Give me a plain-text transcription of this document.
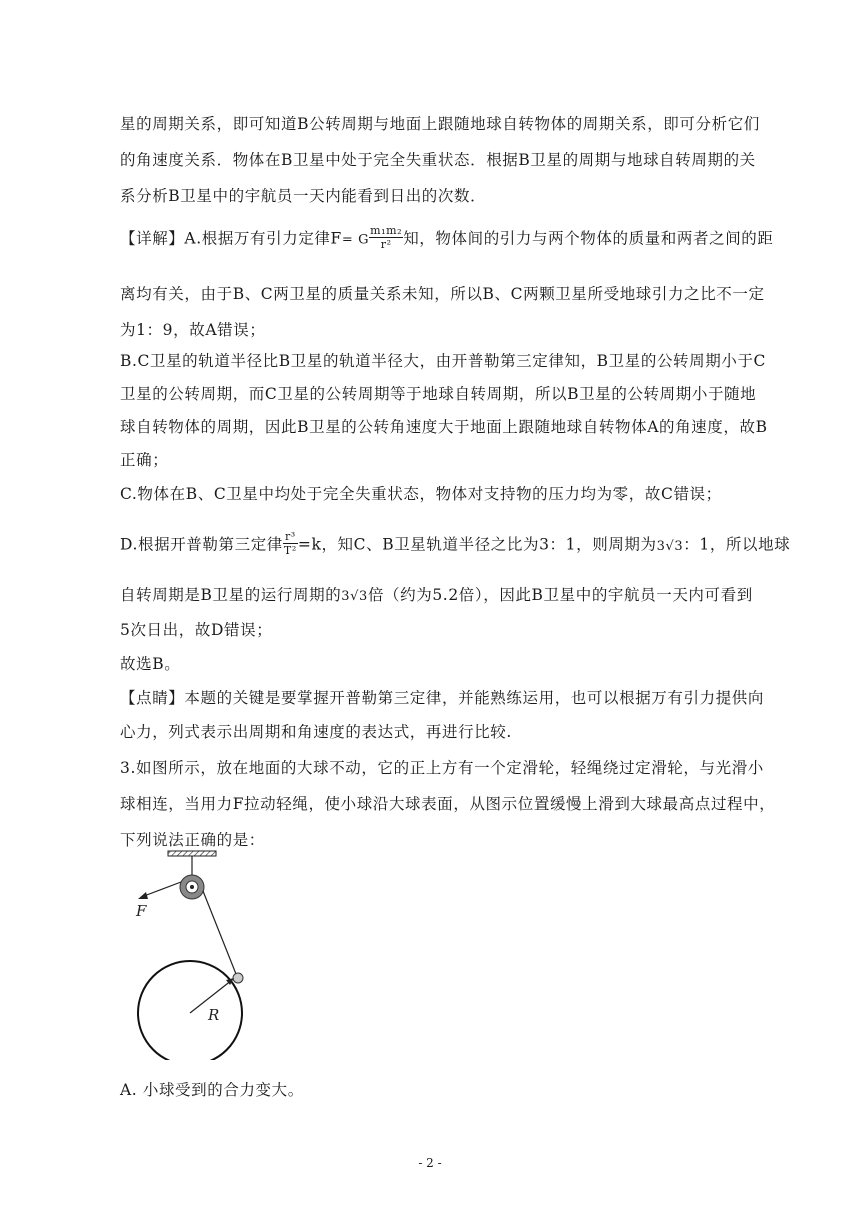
星的周期关系，即可知道B公转周期与地面上跟随地球自转物体的周期关系，即可分析它们
的角速度关系．物体在B卫星中处于完全失重状态．根据B卫星的周期与地球自转周期的关
系分析B卫星中的宇航员一天内能看到日出的次数．
【详解】A.根据万有引力定律F= G $\frac{\text{m₁m₂}}{\text{r²}}$ 知，物体间的引力与两个物体的质量和两者之间的距
离均有关，由于B、C两卫星的质量关系未知，所以B、C两颗卫星所受地球引力之比不一定
为1：9，故A错误；
B.C卫星的轨道半径比B卫星的轨道半径大，由开普勒第三定律知，B卫星的公转周期小于C
卫星的公转周期，而C卫星的公转周期等于地球自转周期，所以B卫星的公转周期小于随地
球自转物体的周期，因此B卫星的公转角速度大于地面上跟随地球自转物体A的角速度，故B
正确；
C.物体在B、C卫星中均处于完全失重状态，物体对支持物的压力均为零，故C错误；
D.根据开普勒第三定律 $\frac{\text{r³}}{\text{T²}} =k$，知C、B卫星轨道半径之比为3：1，则周期为3√3：1，所以地球
自转周期是B卫星的运行周期的3√3倍（约为5.2倍），因此B卫星中的宇航员一天内可看到
5次日出，故D错误；
故选B。
【点睛】本题的关键是要掌握开普勒第三定律，并能熟练运用，也可以根据万有引力提供向
心力，列式表示出周期和角速度的表达式，再进行比较.
3.如图所示，放在地面的大球不动，它的正上方有一个定滑轮，轻绳绕过定滑轮，与光滑小
球相连，当用力F拉动轻绳，使小球沿大球表面，从图示位置缓慢上滑到大球最高点过程中，
下列说法正确的是：
F
R
A. 小球受到的合力变大。
- 2 -
